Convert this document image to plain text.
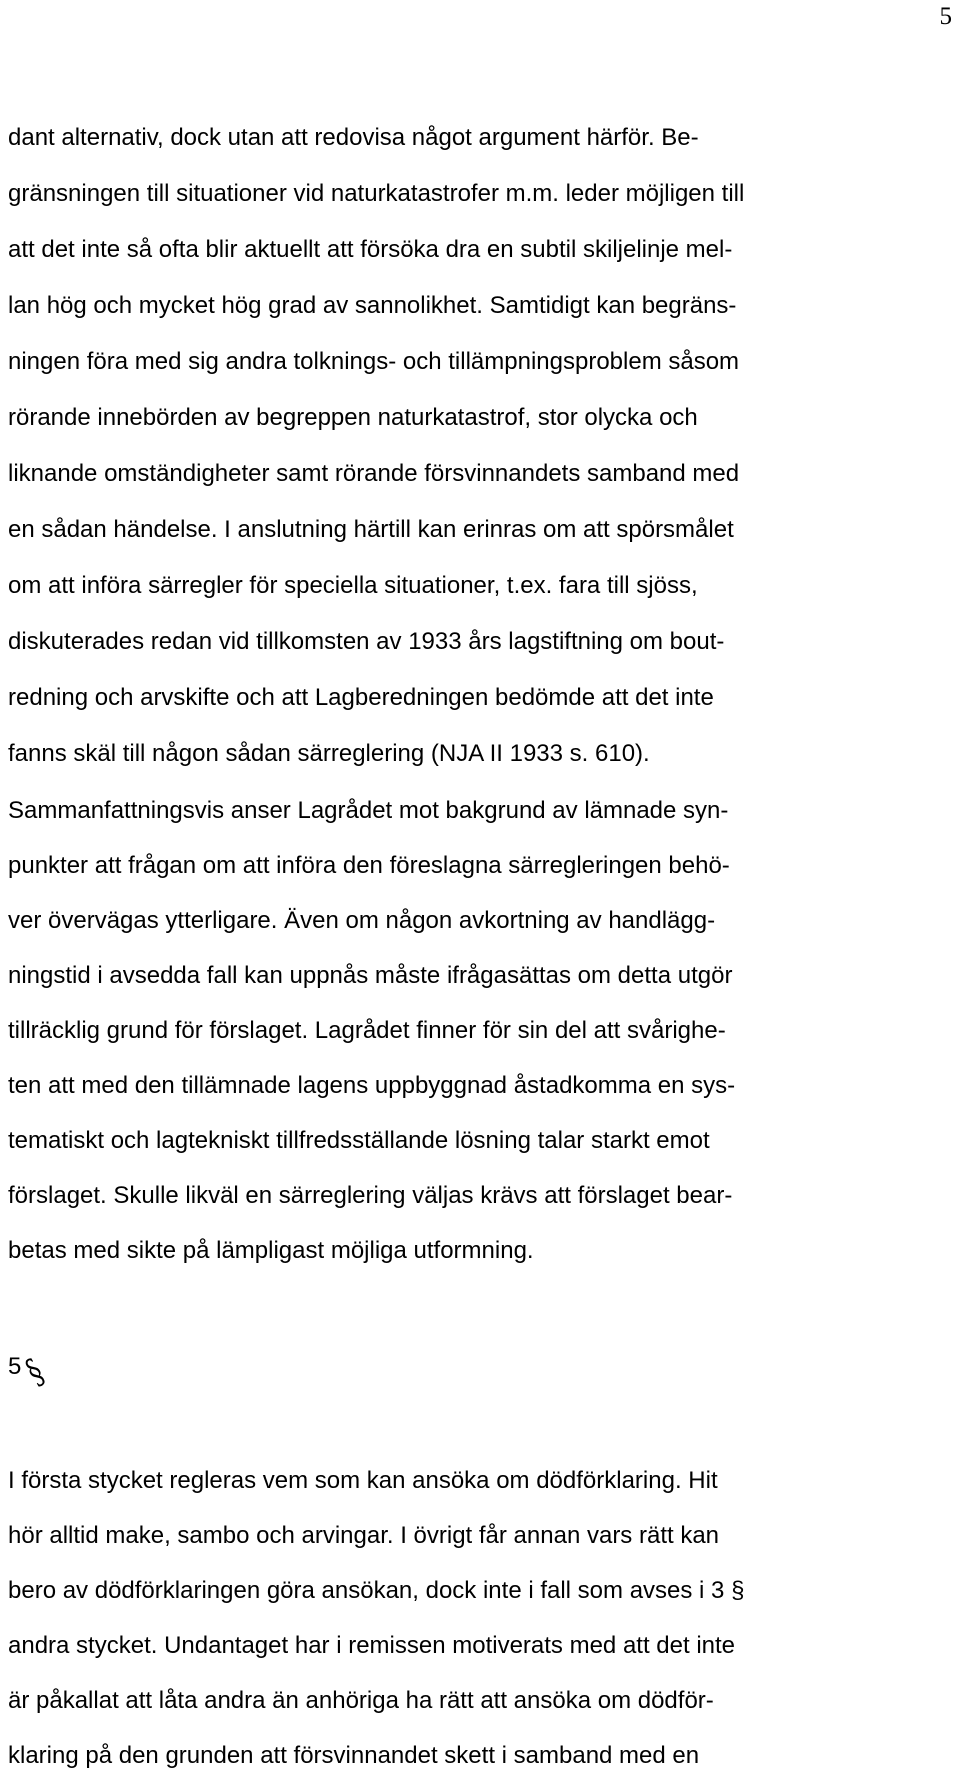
5
dant alternativ, dock utan att redovisa något argument härför. Be-
gränsningen till situationer vid naturkatastrofer m.m. leder möjligen till
att det inte så ofta blir aktuellt att försöka dra en subtil skiljelinje mel-
lan hög och mycket hög grad av sannolikhet. Samtidigt kan begräns-
ningen föra med sig andra tolknings- och tillämpningsproblem såsom
rörande innebörden av begreppen naturkatastrof, stor olycka och
liknande omständigheter samt rörande försvinnandets samband med
en sådan händelse. I anslutning härtill kan erinras om att spörsmålet
om att införa särregler för speciella situationer, t.ex. fara till sjöss,
diskuterades redan vid tillkomsten av 1933 års lagstiftning om bout-
redning och arvskifte och att Lagberedningen bedömde att det inte
fanns skäl till någon sådan särreglering (NJA II 1933 s. 610).
Sammanfattningsvis anser Lagrådet mot bakgrund av lämnade syn-
punkter att frågan om att införa den föreslagna särregleringen behö-
ver övervägas ytterligare. Även om någon avkortning av handlägg-
ningstid i avsedda fall kan uppnås måste ifrågasättas om detta utgör
tillräcklig grund för förslaget. Lagrådet finner för sin del att svårighe-
ten att med den tillämnade lagens uppbyggnad åstadkomma en sys-
tematiskt och lagtekniskt tillfredsställande lösning talar starkt emot
förslaget. Skulle likväl en särreglering väljas krävs att förslaget bear-
betas med sikte på lämpligast möjliga utformning.
5§
I första stycket regleras vem som kan ansöka om dödförklaring. Hit
hör alltid make, sambo och arvingar. I övrigt får annan vars rätt kan
bero av dödförklaringen göra ansökan, dock inte i fall som avses i 3 §
andra stycket. Undantaget har i remissen motiverats med att det inte
är påkallat att låta andra än anhöriga ha rätt att ansöka om dödför-
klaring på den grunden att försvinnandet skett i samband med en
